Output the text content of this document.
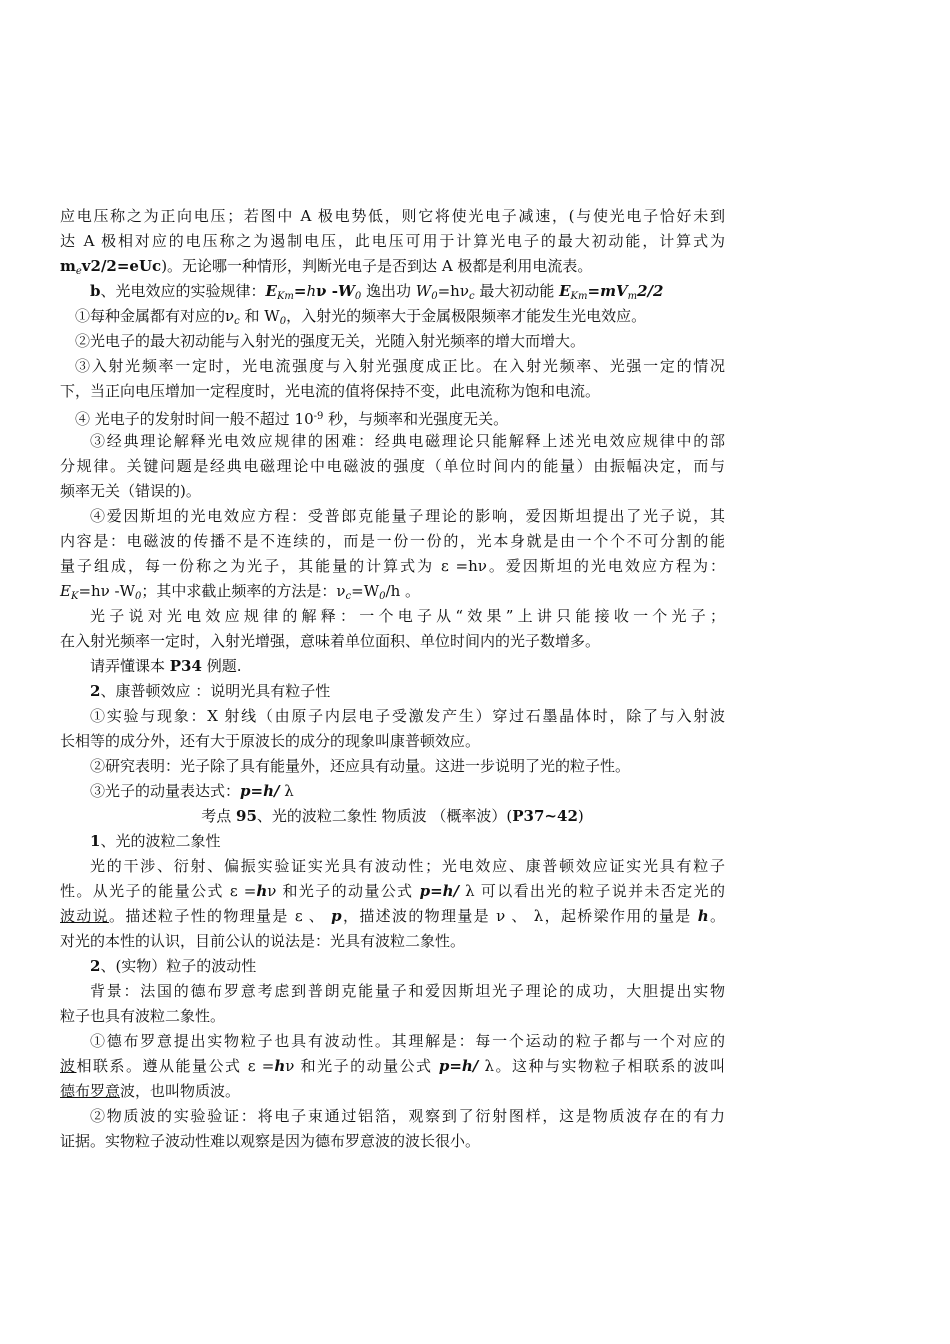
应电压称之为正向电压；若图中 A 极电势低，则它将使光电子减速，(与使光电子恰好未到
达 A 极相对应的电压称之为遏制电压，此电压可用于计算光电子的最大初动能，计算式为
$m_ev2/2=eUc$)。无论哪一种情形，判断光电子是否到达 A 极都是利用电流表。
b、光电效应的实验规律：$E_{Km}=h\nu$ $-W_0$ 逸出功 $W_0=h\nu_c$ 最大初动能 $E_{Km}=mV_m2/2$
①每种金属都有对应的$\nu_c$ 和 $W_0$，入射光的频率大于金属极限频率才能发生光电效应。
②光电子的最大初动能与入射光的强度无关，光随入射光频率的增大而增大。
③入射光频率一定时，光电流强度与入射光强度成正比。在入射光频率、光强一定的情况
下，当正向电压增加一定程度时，光电流的值将保持不变，此电流称为饱和电流。
④ 光电子的发射时间一般不超过 $10^{-9}$ 秒，与频率和光强度无关。
③经典理论解释光电效应规律的困难：经典电磁理论只能解释上述光电效应规律中的部
分规律。关键问题是经典电磁理论中电磁波的强度（单位时间内的能量）由振幅决定，而与
频率无关（错误的)。
④爱因斯坦的光电效应方程：受普郎克能量子理论的影响，爱因斯坦提出了光子说，其
内容是：电磁波的传播不是不连续的，而是一份一份的，光本身就是由一个个不可分割的能
量子组成，每一份称之为光子，其能量的计算式为 ε =hν。爱因斯坦的光电效应方程为：
$E_K=h\nu$ $-W_0$；其中求截止频率的方法是：$\nu_c=W_0/h$ 。
光子说对光电效应规律的解释：一个电子从“效果”上讲只能接收一个光子；
在入射光频率一定时，入射光增强，意味着单位面积、单位时间内的光子数增多。
请弄懂课本 P34 例题.
2、康普顿效应 ：说明光具有粒子性
①实验与现象：X 射线（由原子内层电子受激发产生）穿过石墨晶体时，除了与入射波
长相等的成分外，还有大于原波长的成分的现象叫康普顿效应。
②研究表明：光子除了具有能量外，还应具有动量。这进一步说明了光的粒子性。
③光子的动量表达式：p=h/ λ
考点 95、光的波粒二象性 物质波 （概率波）(P37~42)
1、光的波粒二象性
光的干涉、衍射、偏振实验证实光具有波动性；光电效应、康普顿效应证实光具有粒子
性。从光子的能量公式 ε =hν 和光子的动量公式 p=h/ λ 可以看出光的粒子说并未否定光的
波动说。描述粒子性的物理量是 ε 、 p，描述波的物理量是 ν 、 λ，起桥梁作用的量是 h。
对光的本性的认识，目前公认的说法是：光具有波粒二象性。
2、(实物）粒子的波动性
背景：法国的德布罗意考虑到普朗克能量子和爱因斯坦光子理论的成功，大胆提出实物
粒子也具有波粒二象性。
①德布罗意提出实物粒子也具有波动性。其理解是：每一个运动的粒子都与一个对应的
波相联系。遵从能量公式 ε =hν 和光子的动量公式 p=h/ λ。这种与实物粒子相联系的波叫
德布罗意波，也叫物质波。
②物质波的实验验证：将电子束通过铝箔，观察到了衍射图样，这是物质波存在的有力
证据。实物粒子波动性难以观察是因为德布罗意波的波长很小。
